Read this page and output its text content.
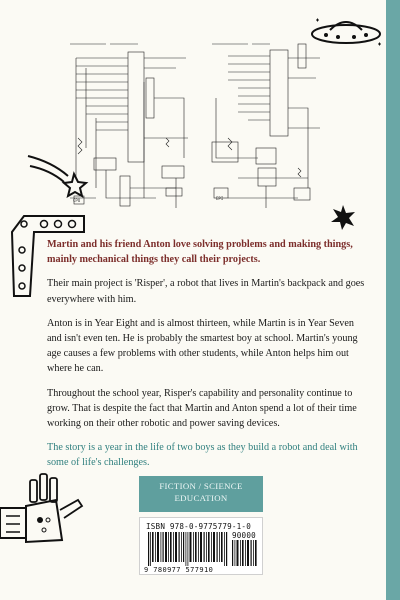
CPU	EPI

Martin and his friend Anton love solving problems and making things, mainly mechanical things they call their projects.

Their main project is 'Risper', a robot that lives in Martin's backpack and goes everywhere with him.

Anton is in Year Eight and is almost thirteen, while Martin is in Year Seven and isn't even ten. He is probably the smartest boy at school. Martin's young age causes a few problems with other students, while Anton helps him out where he can.

Throughout the school year, Risper's capability and personality continue to grow. That is despite the fact that Martin and Anton spend a lot of their time working on their other robotic and power saving devices.

The story is a year in the life of two boys as they build a robot and deal with some of life's challenges.

FICTION / SCIENCE
EDUCATION
ISBN 978-0-9775779-1-0
90000
9 780977 577910
